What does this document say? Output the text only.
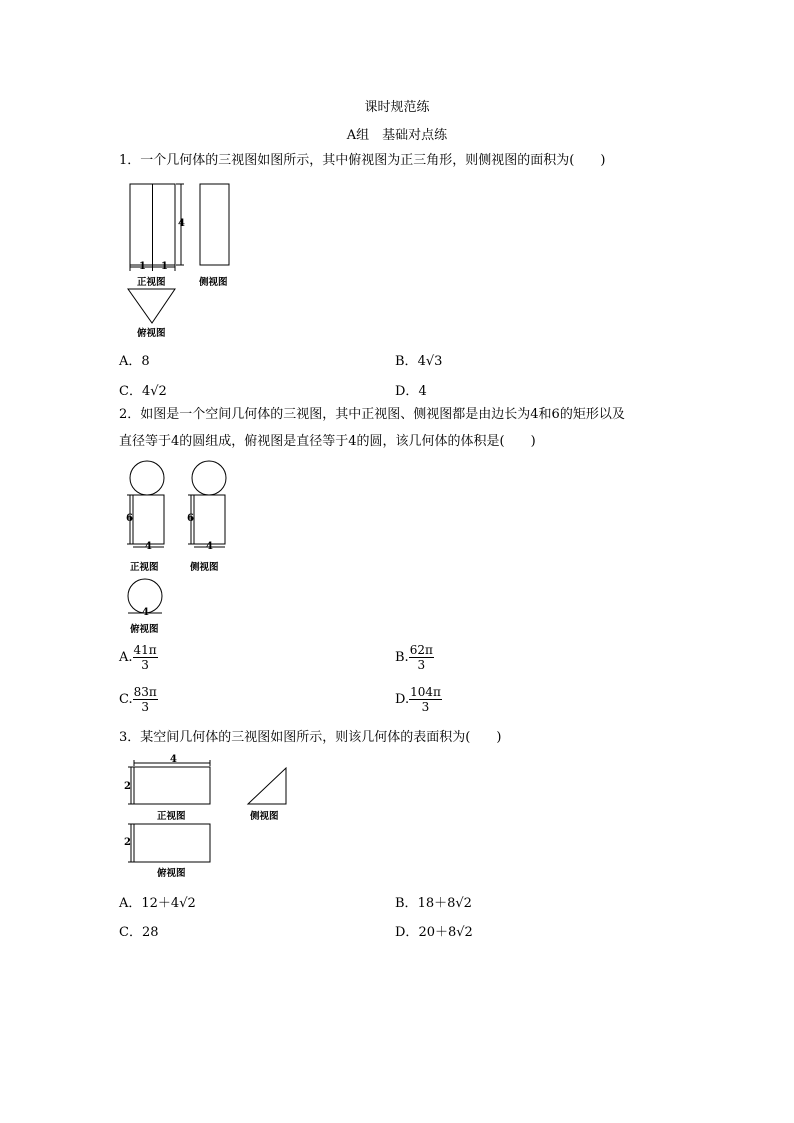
课时规范练
A组　基础对点练
1．一个几何体的三视图如图所示，其中俯视图为正三角形，则侧视图的面积为(　　)
4
1 1
正视图	侧视图
俯视图
A．8	B．4√3
C．4√2	D．4
2．如图是一个空间几何体的三视图，其中正视图、侧视图都是由边长为4和6的矩形以及
直径等于4的圆组成，俯视图是直径等于4的圆，该几何体的体积是(　　)
6
4
6
4
4
正视图	侧视图
俯视图
A. $\frac{41\pi}{3}$	B. $\frac{62\pi}{3}$
C. $\frac{83\pi}{3}$	D. $\frac{104\pi}{3}$
3．某空间几何体的三视图如图所示，则该几何体的表面积为(　　)
4
2
2
正视图	侧视图
俯视图
A．12＋4√2	B．18＋8√2
C．28	D．20＋8√2
